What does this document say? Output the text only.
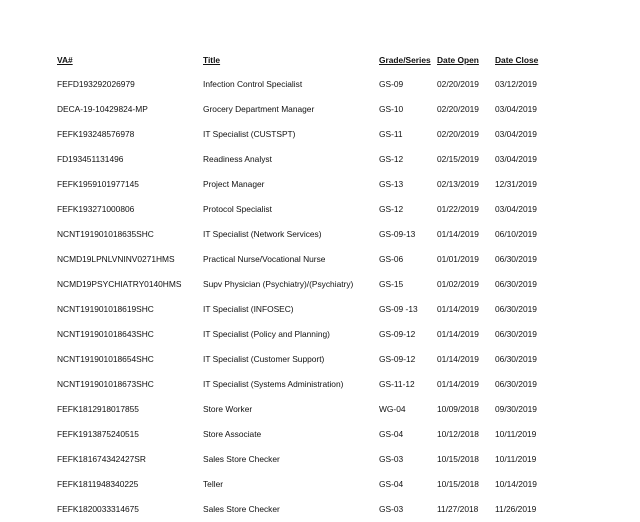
VA#	Title	Grade/Series	Date Open	Date Close
FEFD193292026979	Infection Control Specialist	GS-09	02/20/2019	03/12/2019
DECA-19-10429824-MP	Grocery Department Manager	GS-10	02/20/2019	03/04/2019
FEFK193248576978	IT Specialist (CUSTSPT)	GS-11	02/20/2019	03/04/2019
FD193451131496	Readiness Analyst	GS-12	02/15/2019	03/04/2019
FEFK1959101977145	Project Manager	GS-13	02/13/2019	12/31/2019
FEFK193271000806	Protocol Specialist	GS-12	01/22/2019	03/04/2019
NCNT191901018635SHC	IT Specialist (Network Services)	GS-09-13	01/14/2019	06/10/2019
NCMD19LPNLVNINV0271HMS	Practical Nurse/Vocational Nurse	GS-06	01/01/2019	06/30/2019
NCMD19PSYCHIATRY0140HMS	Supv Physician (Psychiatry)/(Psychiatry)	GS-15	01/02/2019	06/30/2019
NCNT191901018619SHC	IT Specialist (INFOSEC)	GS-09 -13	01/14/2019	06/30/2019
NCNT191901018643SHC	IT Specialist (Policy and Planning)	GS-09-12	01/14/2019	06/30/2019
NCNT191901018654SHC	IT Specialist (Customer Support)	GS-09-12	01/14/2019	06/30/2019
NCNT191901018673SHC	IT Specialist (Systems Administration)	GS-11-12	01/14/2019	06/30/2019
FEFK1812918017855	Store Worker	WG-04	10/09/2018	09/30/2019
FEFK1913875240515	Store Associate	GS-04	10/12/2018	10/11/2019
FEFK181674342427SR	Sales Store Checker	GS-03	10/15/2018	10/11/2019
FEFK1811948340225	Teller	GS-04	10/15/2018	10/14/2019
FEFK1820033314675	Sales Store Checker	GS-03	11/27/2018	11/26/2019
